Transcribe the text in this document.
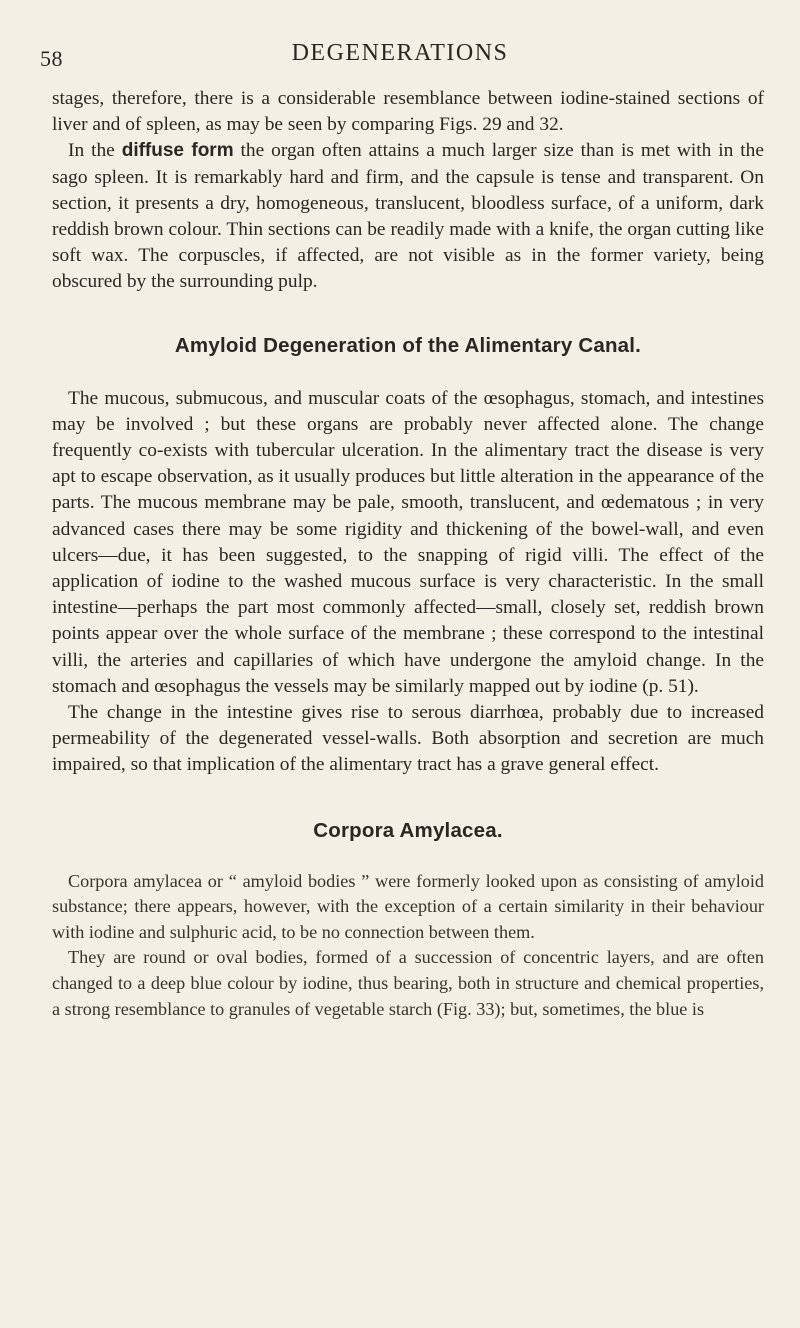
58	DEGENERATIONS

stages, therefore, there is a considerable resemblance between iodine-stained sections of liver and of spleen, as may be seen by comparing Figs. 29 and 32.

In the diffuse form the organ often attains a much larger size than is met with in the sago spleen. It is remarkably hard and firm, and the capsule is tense and transparent. On section, it presents a dry, homogeneous, translucent, bloodless surface, of a uniform, dark reddish brown colour. Thin sections can be readily made with a knife, the organ cutting like soft wax. The corpuscles, if affected, are not visible as in the former variety, being obscured by the surrounding pulp.

Amyloid Degeneration of the Alimentary Canal.

The mucous, submucous, and muscular coats of the œsophagus, stomach, and intestines may be involved ; but these organs are probably never affected alone. The change frequently co-exists with tubercular ulceration. In the alimentary tract the disease is very apt to escape observation, as it usually produces but little alteration in the appearance of the parts. The mucous membrane may be pale, smooth, translucent, and œdematous ; in very advanced cases there may be some rigidity and thickening of the bowel-wall, and even ulcers—due, it has been suggested, to the snapping of rigid villi. The effect of the application of iodine to the washed mucous surface is very characteristic. In the small intestine—perhaps the part most commonly affected—small, closely set, reddish brown points appear over the whole surface of the membrane ; these correspond to the intestinal villi, the arteries and capillaries of which have undergone the amyloid change. In the stomach and œsophagus the vessels may be similarly mapped out by iodine (p. 51).

The change in the intestine gives rise to serous diarrhœa, probably due to increased permeability of the degenerated vessel-walls. Both absorption and secretion are much impaired, so that implication of the alimentary tract has a grave general effect.

Corpora Amylacea.

Corpora amylacea or “ amyloid bodies ” were formerly looked upon as consisting of amyloid substance; there appears, however, with the exception of a certain similarity in their behaviour with iodine and sulphuric acid, to be no connection between them.

They are round or oval bodies, formed of a succession of concentric layers, and are often changed to a deep blue colour by iodine, thus bearing, both in structure and chemical properties, a strong resemblance to granules of vegetable starch (Fig. 33); but, sometimes, the blue is
